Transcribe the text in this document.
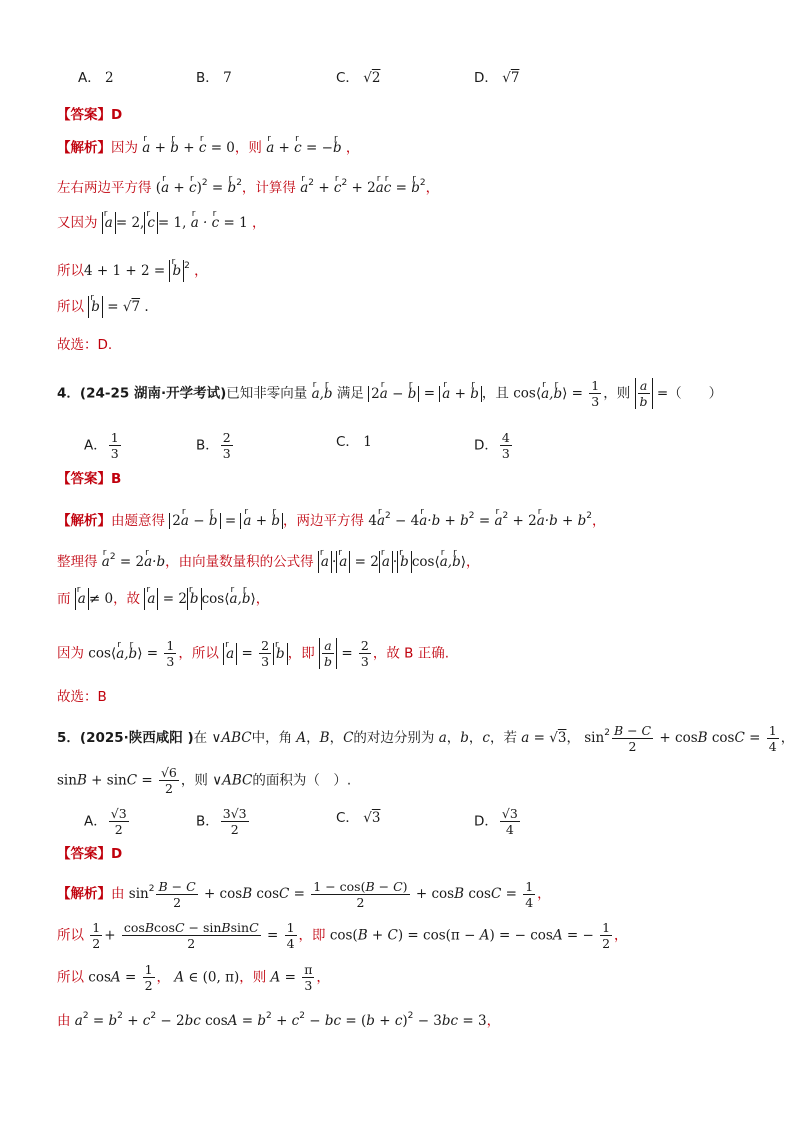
A． 2	B． 7	C． √2	D． √7
【答案】D
【解析】因为 r a + r b + r c = 0，则 r a + r c = −r b ，
左右两边平方得 (r a + r c)$^2$ = r $b^2$，计算得 r $a^2 + r$ $c^2 + 2r$ ar c = r $b^2$，
又因为 r a = 2, r c = 1, r a · r c = 1 ，
所以4 + 1 + 2 = r b $^2$ ，
所以 r b = √7 .
故选：D.
4．(24-25 湖南·开学考试)已知非零向量 r a,r b 满足 2r a − r b = r a + r b ，且 cos⟨r a,r b⟩ = $\frac{1}{3}$ ，则 $\frac{a}{b}$ =（　　）
A． $\frac{1}{3}$	B． $\frac{2}{3}$	C． 1	D． $\frac{4}{3}$
【答案】B
【解析】由题意得 2r a − r b = r a + r b ，两边平方得 4r $a^2 - 4r$ $a\cdot b + b^2 = r$ $a^2 + 2r$ $a\cdot b + b^2$，
整理得 r $a^2 = 2r$ a·b，由向量数量积的公式得 r a · r a = 2 r a · r b cos⟨r a,r b⟩，
而 r a ≠ 0，故 r a = 2 r b cos⟨r a,r b⟩，
因为 cos⟨r a,r b⟩ = $\frac{1}{3}$ ，所以 r $a = \frac{2}{3}$ r b ，即 $\frac{a}{b} = \frac{2}{3}$ ，故 B 正确.
故选：B
5．(2025·陕西咸阳 )在 ∨ABC中，角 A，B，C的对边分别为 a，b，c，若 a = √3， $\sin^2 \frac{B - C}{2} + \cos B$ $\cos C = \frac{1}{4}$ ，
$\sin B + \sin C = \frac{√6}{2}$ ，则 ∨ABC的面积为（　）.
A． $\frac{√3}{2}$	B． $\frac{3√3}{2}$	C． √3	D． $\frac{√3}{4}$
【答案】D
【解析】由 $\sin^2 \frac{B - C}{2} + \cos B$ $\cos C = \frac{1 - \cos(B - C)}{2} + \cos B$ $\cos C = \frac{1}{4}$ ，
所以 $\frac{1}{2} + \frac{\text{cosBcosC − sinBsinC}}{2} = \frac{1}{4}$ ，即 cos(B + C) = cos(π − A) = − cosA = − $\frac{1}{2}$ ，
所以 $\cos A = \frac{1}{2}$ ， A ∈ (0, π)，则 $A = \frac{\pi}{3}$ ，
由 $a^2 = b^2 + c^2 - 2bc$ $\cos A = b^2 + c^2$ − bc = $(b + c)^2 - 3bc = 3$，
